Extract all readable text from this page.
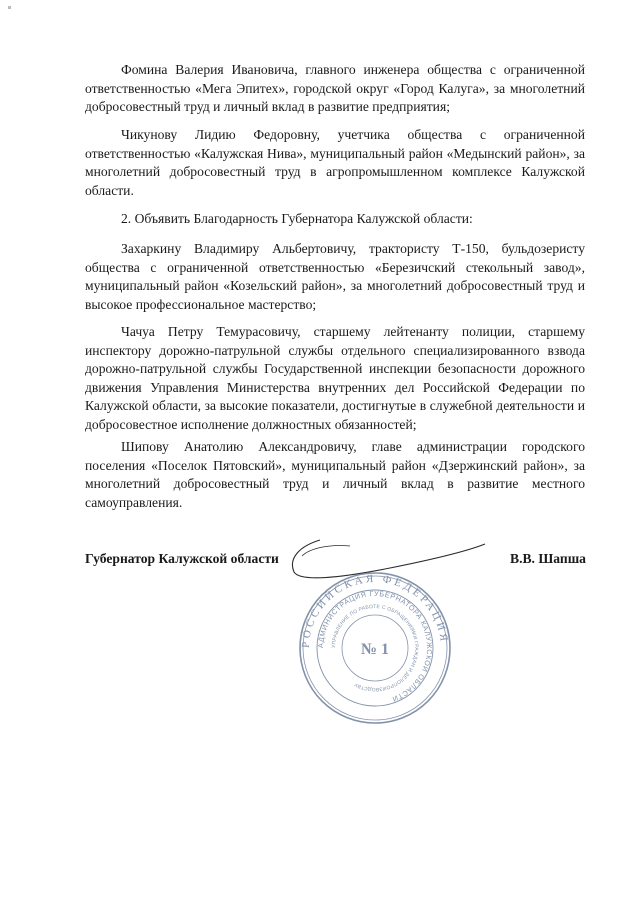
Фомина Валерия Ивановича, главного инженера общества с ограниченной ответственностью «Мега Эпитех», городской округ «Город Калуга», за многолетний добросовестный труд и личный вклад в развитие предприятия;

Чикунову Лидию Федоровну, учетчика общества с ограниченной ответственностью «Калужская Нива», муниципальный район «Медынский район», за многолетний добросовестный труд в агропромышленном комплексе Калужской области.

2. Объявить Благодарность Губернатора Калужской области:

Захаркину Владимиру Альбертовичу, трактористу Т-150, бульдозеристу общества с ограниченной ответственностью «Березичский стекольный завод», муниципальный район «Козельский район», за многолетний добросовестный труд и высокое профессиональное мастерство;

Чачуа Петру Темурасовичу, старшему лейтенанту полиции, старшему инспектору дорожно-патрульной службы отдельного специализированного взвода дорожно-патрульной службы Государственной инспекции безопасности дорожного движения Управления Министерства внутренних дел Российской Федерации по Калужской области, за высокие показатели, достигнутые в служебной деятельности и добросовестное исполнение должностных обязанностей;

Шипову Анатолию Александровичу, главе администрации городского поселения «Поселок Пятовский», муниципальный район «Дзержинский район», за многолетний добросовестный труд и личный вклад в развитие местного самоуправления.

Губернатор Калужской области	В.В. Шапша
РОССИЙСКАЯ ФЕДЕРАЦИЯ
АДМИНИСТРАЦИЯ ГУБЕРНАТОРА КАЛУЖСКОЙ ОБЛАСТИ
УПРАВЛЕНИЕ ПО РАБОТЕ С ОБРАЩЕНИЯМИ ГРАЖДАН И ДЕЛОПРОИЗВОДСТВУ
№ 1
